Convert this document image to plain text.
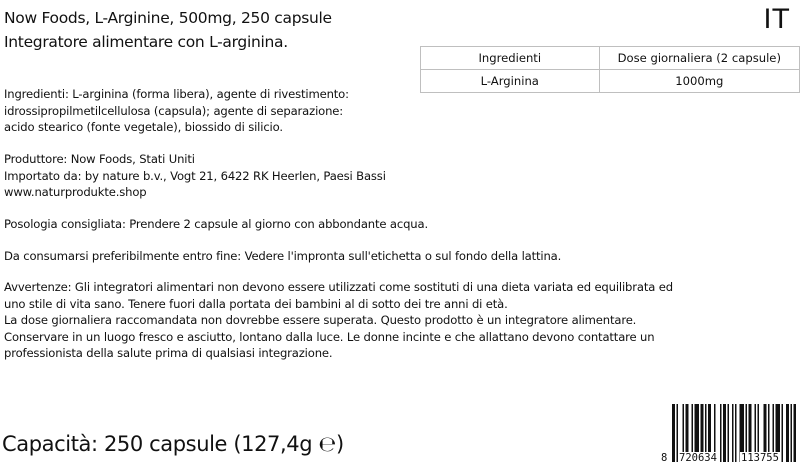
Now Foods, L-Arginine, 500mg, 250 capsule
Integratore alimentare con L-arginina.
IT
Ingredienti	Dose giornaliera (2 capsule)
L-Arginina	1000mg
Ingredienti: L-arginina (forma libera), agente di rivestimento:
idrossipropilmetilcellulosa (capsula); agente di separazione:
acido stearico (fonte vegetale), biossido di silicio.
Produttore: Now Foods, Stati Uniti
Importato da: by nature b.v., Vogt 21, 6422 RK Heerlen, Paesi Bassi
www.naturprodukte.shop
Posologia consigliata: Prendere 2 capsule al giorno con abbondante acqua.
Da consumarsi preferibilmente entro fine: Vedere l'impronta sull'etichetta o sul fondo della lattina.
Avvertenze: Gli integratori alimentari non devono essere utilizzati come sostituti di una dieta variata ed equilibrata ed
uno stile di vita sano. Tenere fuori dalla portata dei bambini al di sotto dei tre anni di età.
La dose giornaliera raccomandata non dovrebbe essere superata. Questo prodotto è un integratore alimentare.
Conservare in un luogo fresco e asciutto, lontano dalla luce. Le donne incinte e che allattano devono contattare un
professionista della salute prima di qualsiasi integrazione.
Capacità: 250 capsule (127,4g ℮)
8 720634 113755
